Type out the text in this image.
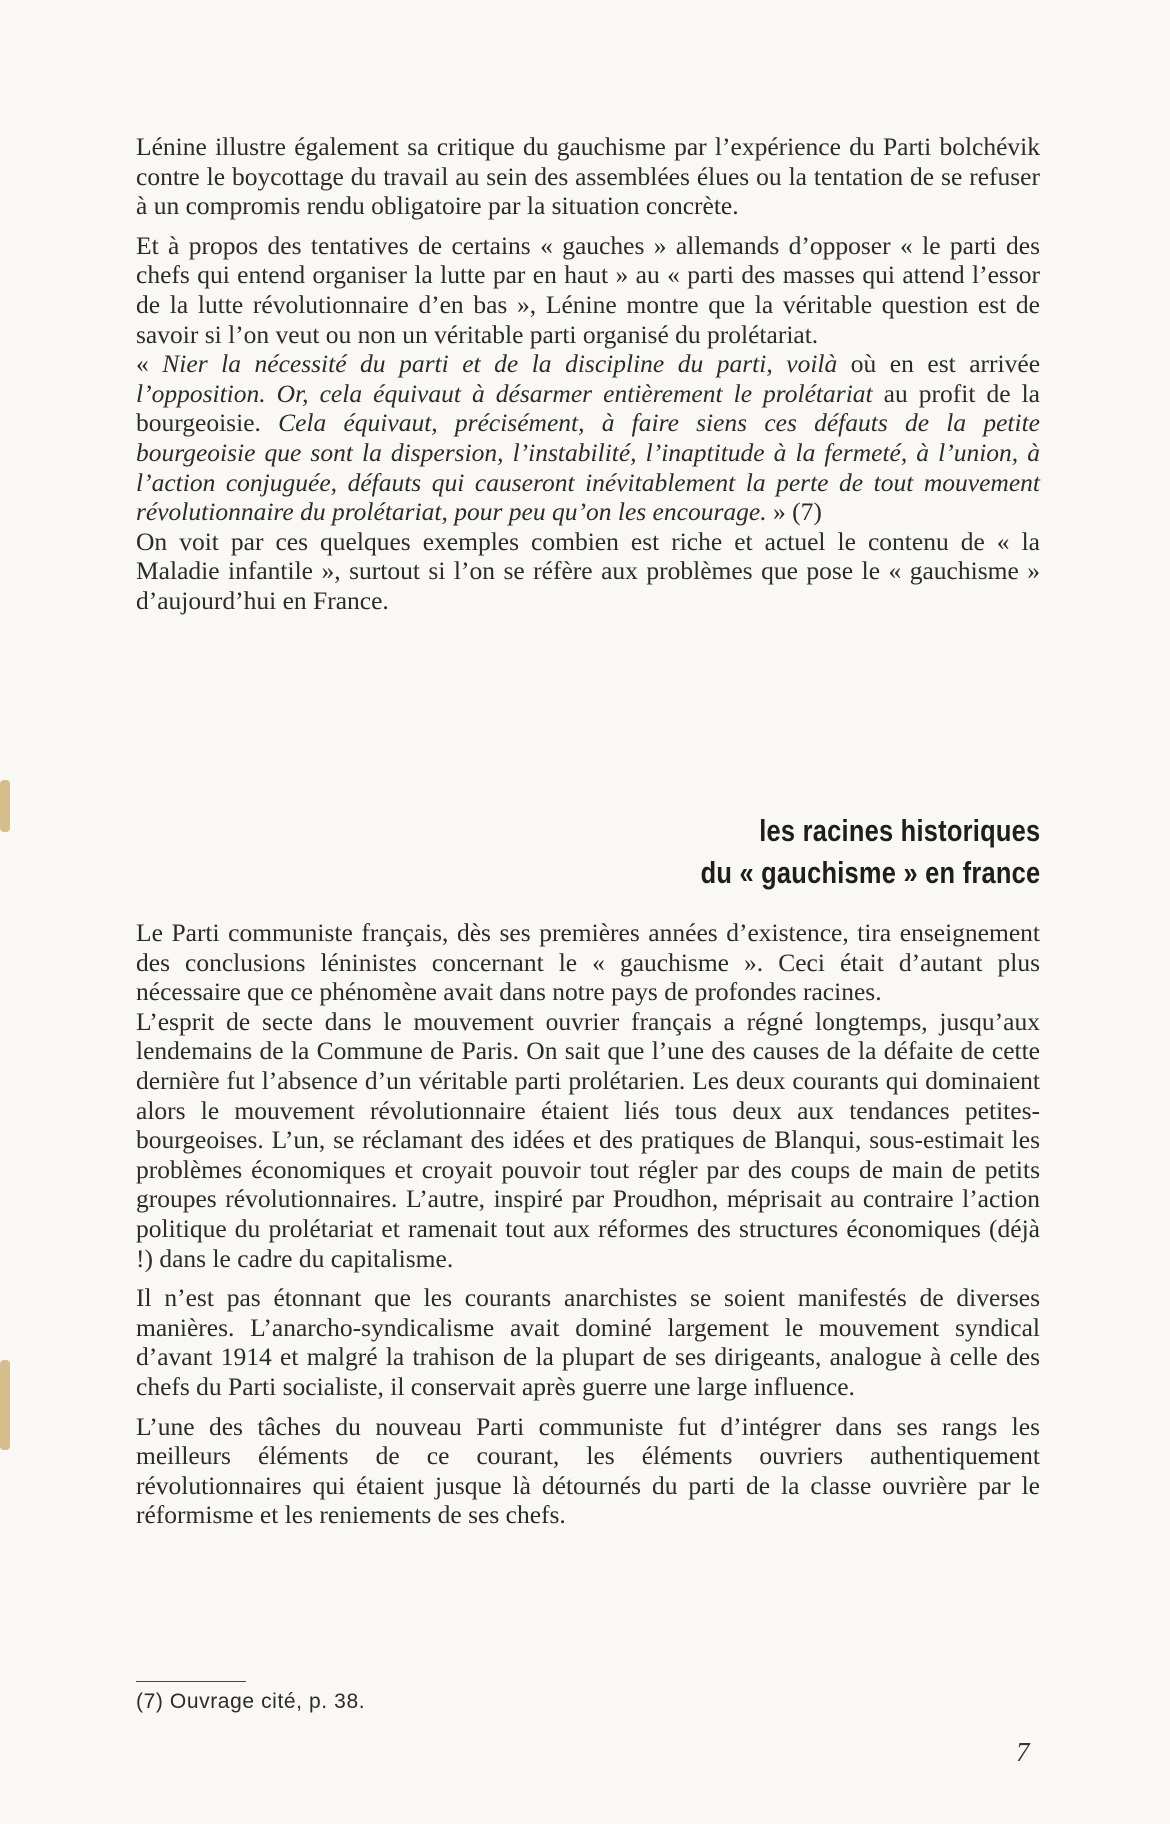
Lénine illustre également sa critique du gauchisme par l’expérience du Parti bolchévik contre le boycottage du travail au sein des assemblées élues ou la tentation de se refuser à un compromis rendu obligatoire par la situation concrète.

Et à propos des tentatives de certains « gauches » allemands d’opposer « le parti des chefs qui entend organiser la lutte par en haut » au « parti des masses qui attend l’essor de la lutte révolutionnaire d’en bas », Lénine montre que la véritable question est de savoir si l’on veut ou non un véritable parti organisé du prolétariat.

« Nier la nécessité du parti et de la discipline du parti, voilà où en est arrivée l’opposition. Or, cela équivaut à désarmer entièrement le prolétariat au profit de la bourgeoisie. Cela équivaut, précisément, à faire siens ces défauts de la petite bourgeoisie que sont la dispersion, l’instabilité, l’inaptitude à la fermeté, à l’union, à l’action conjuguée, défauts qui causeront inévitablement la perte de tout mouvement révolutionnaire du prolétariat, pour peu qu’on les encourage. » (7)

On voit par ces quelques exemples combien est riche et actuel le contenu de « la Maladie infantile », surtout si l’on se réfère aux problèmes que pose le « gauchisme » d’aujourd’hui en France.

les racines historiques
du « gauchisme » en france

Le Parti communiste français, dès ses premières années d’existence, tira enseignement des conclusions léninistes concernant le « gauchisme ». Ceci était d’autant plus nécessaire que ce phénomène avait dans notre pays de profondes racines.

L’esprit de secte dans le mouvement ouvrier français a régné longtemps, jusqu’aux lendemains de la Commune de Paris. On sait que l’une des causes de la défaite de cette dernière fut l’absence d’un véritable parti prolétarien. Les deux courants qui dominaient alors le mouvement révolutionnaire étaient liés tous deux aux tendances petites-bourgeoises. L’un, se réclamant des idées et des pratiques de Blanqui, sous-estimait les problèmes économiques et croyait pouvoir tout régler par des coups de main de petits groupes révolutionnaires. L’autre, inspiré par Proudhon, méprisait au contraire l’action politique du prolétariat et ramenait tout aux réformes des structures économiques (déjà !) dans le cadre du capitalisme.

Il n’est pas étonnant que les courants anarchistes se soient manifestés de diverses manières. L’anarcho-syndicalisme avait dominé largement le mouvement syndical d’avant 1914 et malgré la trahison de la plupart de ses dirigeants, analogue à celle des chefs du Parti socialiste, il conservait après guerre une large influence.

L’une des tâches du nouveau Parti communiste fut d’intégrer dans ses rangs les meilleurs éléments de ce courant, les éléments ouvriers authentiquement révolutionnaires qui étaient jusque là détournés du parti de la classe ouvrière par le réformisme et les reniements de ses chefs.

(7) Ouvrage cité, p. 38.
7
